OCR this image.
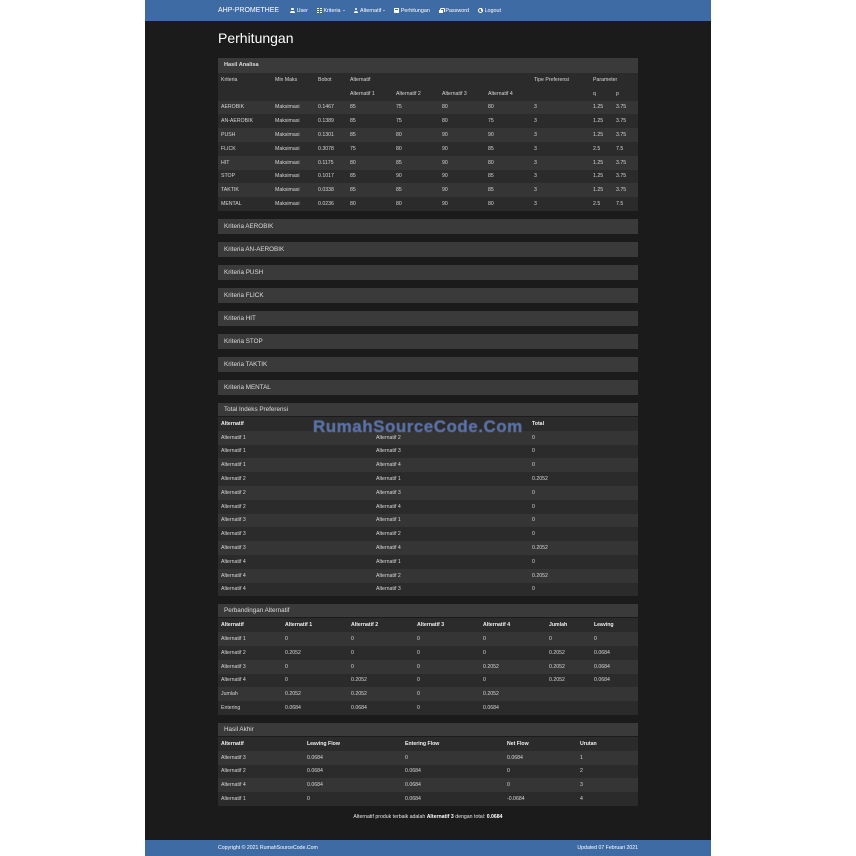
AHP-PROMETHEE	User	Kriteria	Alternatif	Perhitungan	Password	Logout
Perhitungan
Hasil Analisa
Kriteria	Min Maks	Bobot	Alternatif				Tipe Preferensi	Parameter	
			Alternatif 1	Alternatif 2	Alternatif 3	Alternatif 4		q	p
AEROBIK	Maksimasi	0.1467	85	75	80	80	3	1.25	3.75
AN-AEROBIK	Maksimasi	0.1389	85	75	80	75	3	1.25	3.75
PUSH	Maksimasi	0.1301	85	80	90	90	3	1.25	3.75
FLICK	Maksimasi	0.3078	75	80	90	85	3	2.5	7.5
HIT	Maksimasi	0.1175	80	85	90	80	3	1.25	3.75
STOP	Maksimasi	0.1017	85	90	90	85	3	1.25	3.75
TAKTIK	Maksimasi	0.0338	85	85	90	85	3	1.25	3.75
MENTAL	Maksimasi	0.0236	80	80	90	80	3	2.5	7.5
Kriteria AEROBIK
Kriteria AN-AEROBIK
Kriteria PUSH
Kriteria FLICK
Kriteria HIT
Kriteria STOP
Kriteria TAKTIK
Kriteria MENTAL
Total Indeks Preferensi
Alternatif		Total
Alternatif 1	Alternatif 2	0
Alternatif 1	Alternatif 3	0
Alternatif 1	Alternatif 4	0
Alternatif 2	Alternatif 1	0.2052
Alternatif 2	Alternatif 3	0
Alternatif 2	Alternatif 4	0
Alternatif 3	Alternatif 1	0
Alternatif 3	Alternatif 2	0
Alternatif 3	Alternatif 4	0.2052
Alternatif 4	Alternatif 1	0
Alternatif 4	Alternatif 2	0.2052
Alternatif 4	Alternatif 3	0
Perbandingan Alternatif
Alternatif	Alternatif 1	Alternatif 2	Alternatif 3	Alternatif 4	Jumlah	Leaving
Alternatif 1	0	0	0	0	0	0
Alternatif 2	0.2052	0	0	0	0.2052	0.0684
Alternatif 3	0	0	0	0.2052	0.2052	0.0684
Alternatif 4	0	0.2052	0	0	0.2052	0.0684
Jumlah	0.2052	0.2052	0	0.2052		
Entering	0.0684	0.0684	0	0.0684		
Hasil Akhir
Alternatif	Leaving Flow	Entering Flow	Net Flow	Urutan
Alternatif 3	0.0684	0	0.0684	1
Alternatif 2	0.0684	0.0684	0	2
Alternatif 4	0.0684	0.0684	0	3
Alternatif 1	0	0.0684	-0.0684	4
Alternatif produk terbaik adalah Alternatif 3 dengan total: 0.0684
Copyright © 2021 RumahSourceCode.Com	Updated 07 Februari 2021
RumahSourceCode.Com
